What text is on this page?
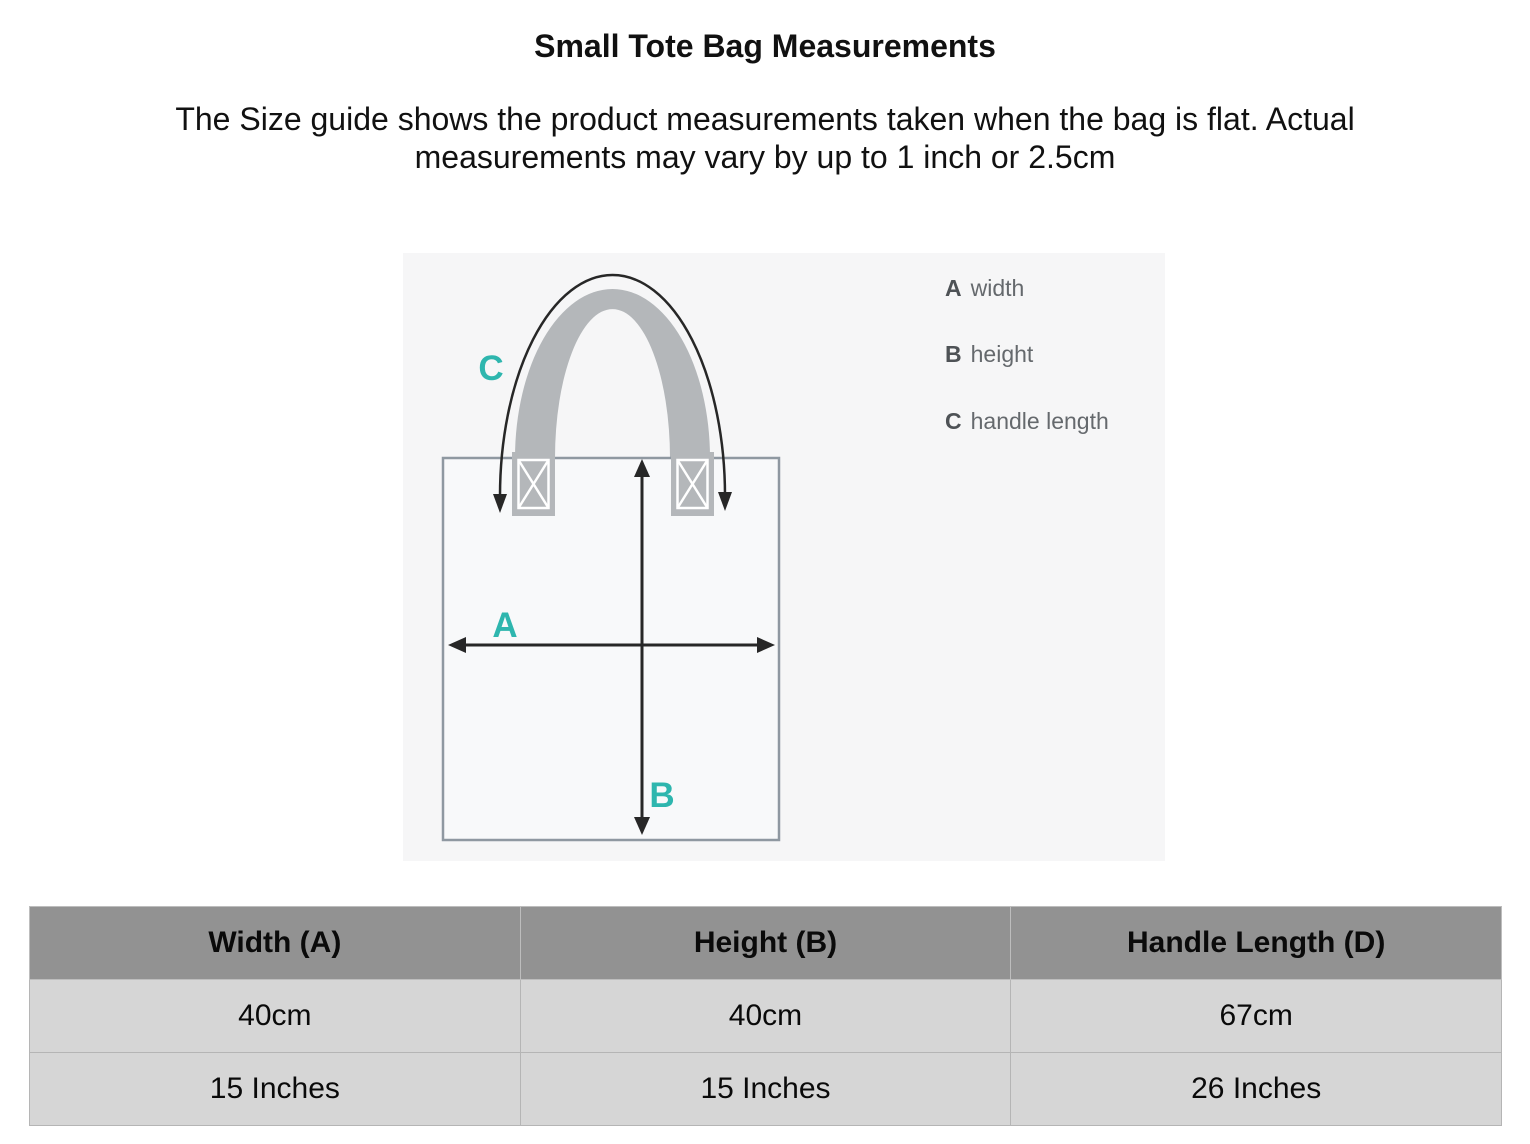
Small Tote Bag Measurements
The Size guide shows the product measurements taken when the bag is flat. Actual measurements may vary by up to 1 inch or 2.5cm
C
A
B
A width
B height
C handle length
Width (A)	Height (B)	Handle Length (D)
40cm	40cm	67cm
15 Inches	15 Inches	26 Inches
